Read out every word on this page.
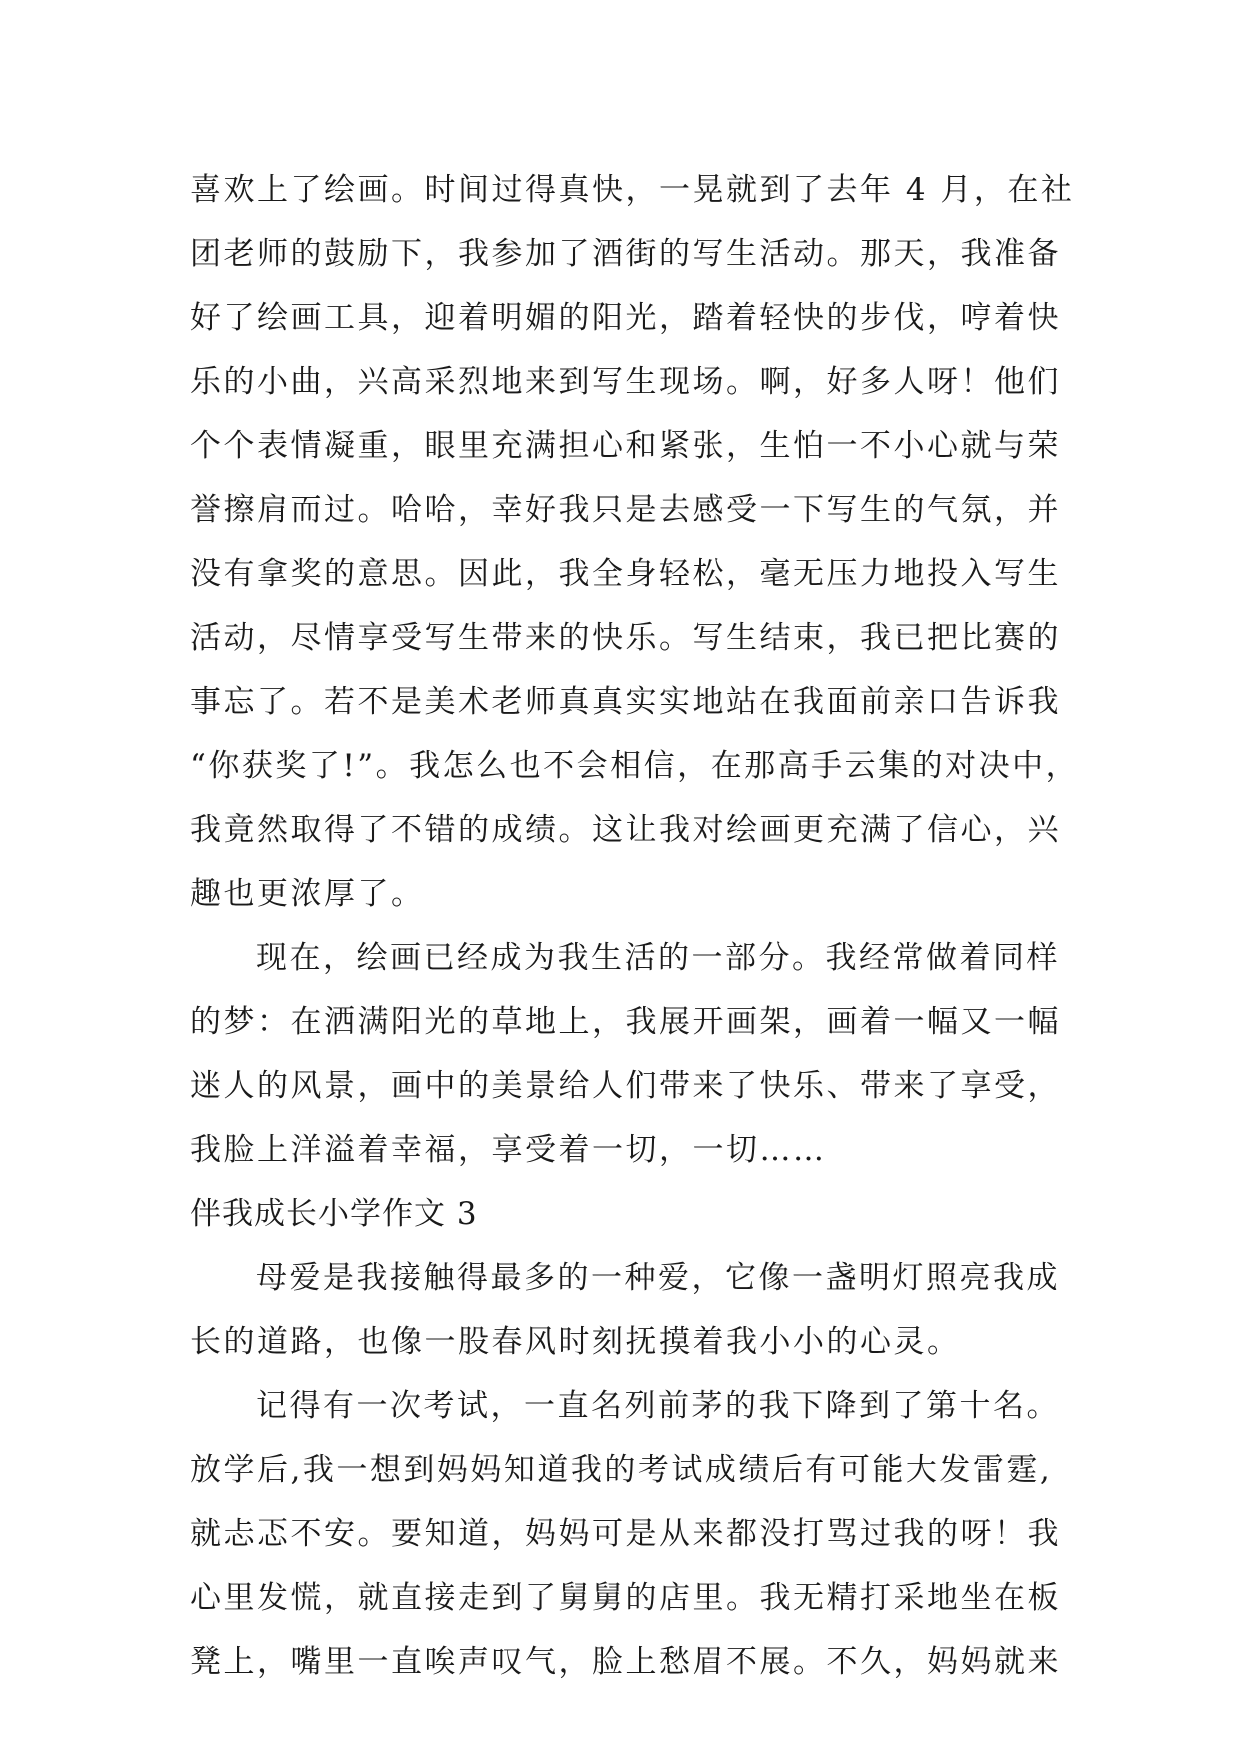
喜欢上了绘画。时间过得真快，一晃就到了去年 4 月，在社
团老师的鼓励下，我参加了酒街的写生活动。那天，我准备
好了绘画工具，迎着明媚的阳光，踏着轻快的步伐，哼着快
乐的小曲，兴高采烈地来到写生现场。啊，好多人呀！他们
个个表情凝重，眼里充满担心和紧张，生怕一不小心就与荣
誉擦肩而过。哈哈，幸好我只是去感受一下写生的气氛，并
没有拿奖的意思。因此，我全身轻松，毫无压力地投入写生
活动，尽情享受写生带来的快乐。写生结束，我已把比赛的
事忘了。若不是美术老师真真实实地站在我面前亲口告诉我
“你获奖了!”。我怎么也不会相信，在那高手云集的对决中，
我竟然取得了不错的成绩。这让我对绘画更充满了信心，兴
趣也更浓厚了。
现在，绘画已经成为我生活的一部分。我经常做着同样
的梦：在洒满阳光的草地上，我展开画架，画着一幅又一幅
迷人的风景，画中的美景给人们带来了快乐、带来了享受，
我脸上洋溢着幸福，享受着一切，一切……
伴我成长小学作文 3
母爱是我接触得最多的一种爱，它像一盏明灯照亮我成
长的道路，也像一股春风时刻抚摸着我小小的心灵。
记得有一次考试，一直名列前茅的我下降到了第十名。
放学后,我一想到妈妈知道我的考试成绩后有可能大发雷霆,
就忐忑不安。要知道，妈妈可是从来都没打骂过我的呀！我
心里发慌，就直接走到了舅舅的店里。我无精打采地坐在板
凳上，嘴里一直唉声叹气，脸上愁眉不展。不久，妈妈就来
